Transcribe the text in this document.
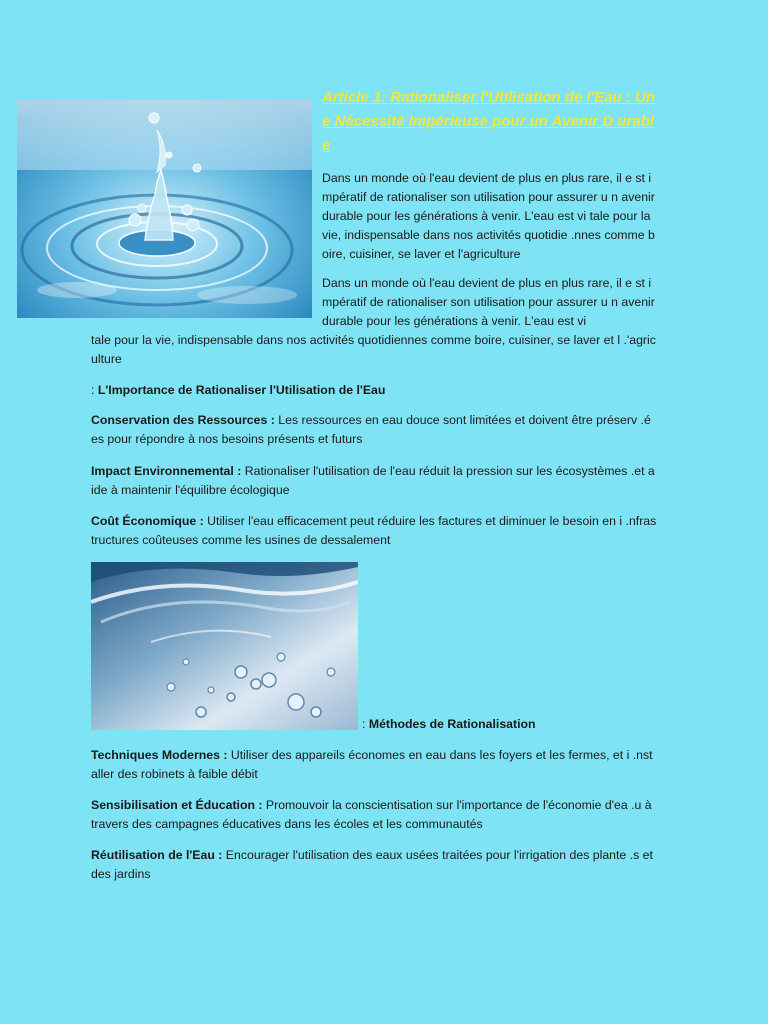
Article 1: Rationaliser l'Utilisation de l'Eau : Une Nécessité Impérieuse pour un Avenir D urable

Dans un monde où l'eau devient de plus en plus rare, il e st impératif de rationaliser son utilisation pour assurer u n avenir durable pour les générations à venir. L'eau est vi tale pour la vie, indispensable dans nos activités quotidie .nnes comme boire, cuisiner, se laver et l'agriculture

Dans un monde où l'eau devient de plus en plus rare, il e st impératif de rationaliser son utilisation pour assurer u n avenir durable pour les générations à venir. L'eau est vi

tale pour la vie, indispensable dans nos activités quotidiennes comme boire, cuisiner, se laver et l .'agriculture

: L'Importance de Rationaliser l'Utilisation de l'Eau

Conservation des Ressources : Les ressources en eau douce sont limitées et doivent être préserv .ées pour répondre à nos besoins présents et futurs

Impact Environnemental : Rationaliser l'utilisation de l'eau réduit la pression sur les écosystèmes .et aide à maintenir l'équilibre écologique

Coût Économique : Utiliser l'eau efficacement peut réduire les factures et diminuer le besoin en i .nfrastructures coûteuses comme les usines de dessalement

: Méthodes de Rationalisation

Techniques Modernes : Utiliser des appareils économes en eau dans les foyers et les fermes, et i .nstaller des robinets à faible débit

Sensibilisation et Éducation : Promouvoir la conscientisation sur l'importance de l'économie d'ea .u à travers des campagnes éducatives dans les écoles et les communautés

Réutilisation de l'Eau : Encourager l'utilisation des eaux usées traitées pour l'irrigation des plante .s et des jardins
